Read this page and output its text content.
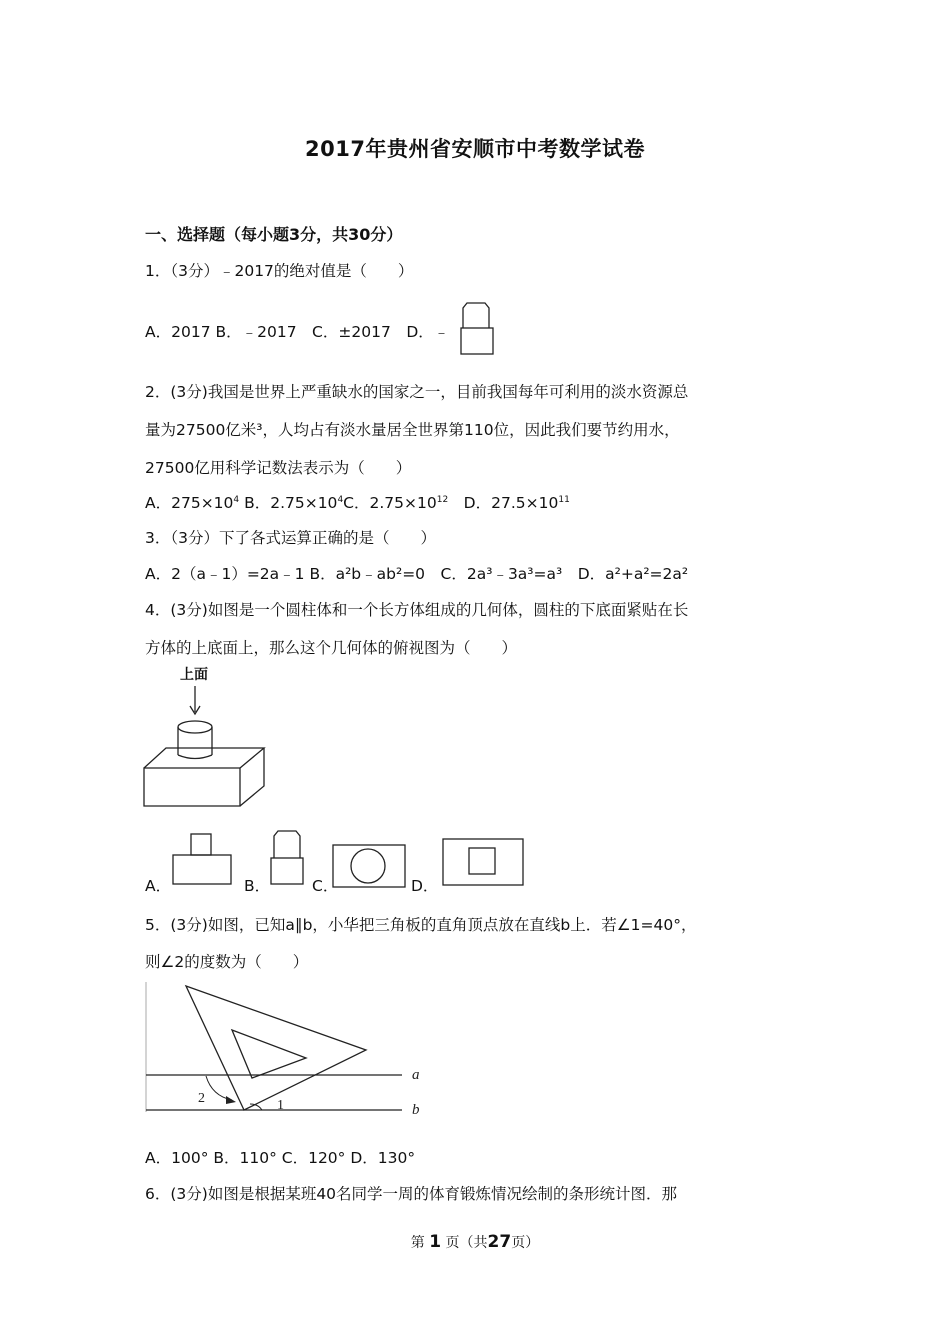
2017年贵州省安顺市中考数学试卷
一、选择题（每小题3分，共30分）
1．（3分）﹣2017的绝对值是（　　）
A．2017 B．﹣2017　C．±2017　D．﹣
2．(3分)我国是世界上严重缺水的国家之一，目前我国每年可利用的淡水资源总
量为27500亿米³，人均占有淡水量居全世界第110位，因此我们要节约用水，
27500亿用科学记数法表示为（　　）
A．$275\times 10^4$ B．$2.75\times 10^4C$．$2.75\times 10^{12}$　D．$27.5\times 10^{11}$
3．（3分）下了各式运算正确的是（　　）
A．2（a﹣1）=2a﹣1 B．a²b﹣ab²=0　C．2a³﹣3a³=a³　D．a²+a²=2a²
4．(3分)如图是一个圆柱体和一个长方体组成的几何体，圆柱的下底面紧贴在长
方体的上底面上，那么这个几何体的俯视图为（　　）
上面
A．	B．	C．	D．
5．(3分)如图，已知a∥b，小华把三角板的直角顶点放在直线b上．若∠1=40°，
则∠2的度数为（　　）
a
b
2	1
A．100° B．110° C．120° D．130°
6．(3分)如图是根据某班40名同学一周的体育锻炼情况绘制的条形统计图．那
第 1 页（共27页）
